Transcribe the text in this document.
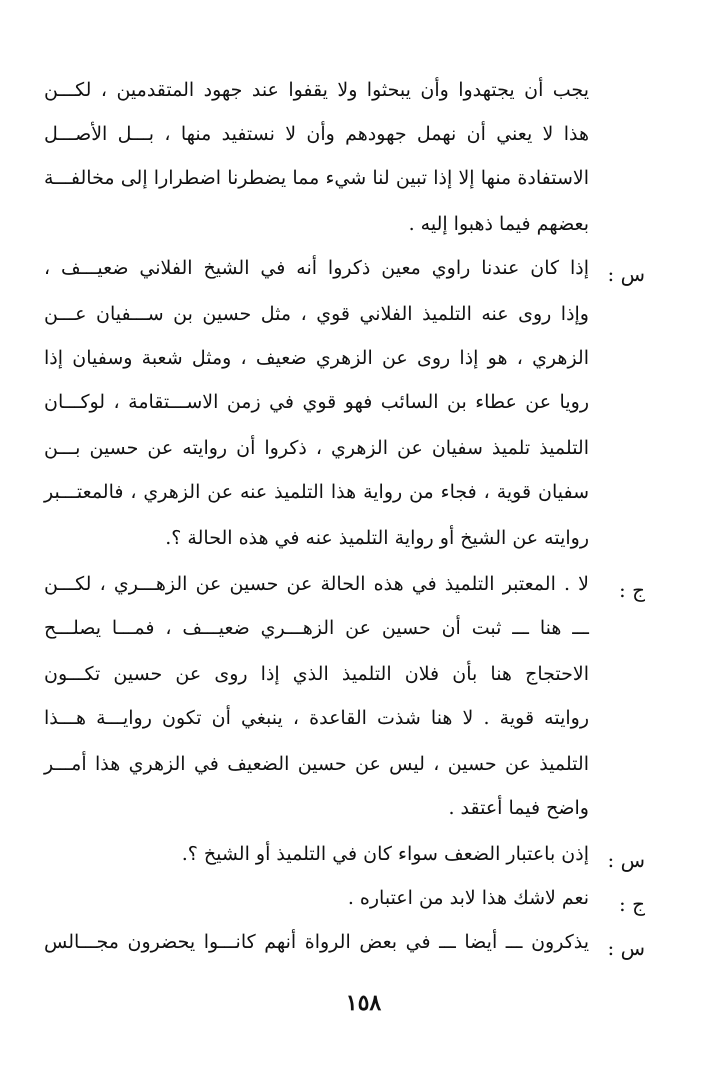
يجب أن يجتهدوا وأن يبحثوا ولا يقفوا عند جهود المتقدمين ، لكـــن
هذا لا يعني أن نهمل جهودهم وأن لا نستفيد منها ، بـــل الأصـــل
الاستفادة منها إلا إذا تبين لنا شيء مما يضطرنا اضطرارا إلى مخالفـــة
بعضهم فيما ذهبوا إليه .
س :
إذا كان عندنا راوي معين ذكروا أنه في الشيخ الفلاني ضعيـــف ،
وإذا روى عنه التلميذ الفلاني قوي ، مثل حسين بن ســـفيان عـــن
الزهري ، هو إذا روى عن الزهري ضعيف ، ومثل شعبة وسفيان إذا
رويا عن عطاء بن السائب فهو قوي في زمن الاســـتقامة ، لوكـــان
التلميذ تلميذ سفيان عن الزهري ، ذكروا أن روايته عن حسين بـــن
سفيان قوية ، فجاء من رواية هذا التلميذ عنه عن الزهري ، فالمعتـــبر
روايته عن الشيخ أو رواية التلميذ عنه في هذه الحالة ؟.
ج :
لا . المعتبر التلميذ في هذه الحالة عن حسين عن الزهـــري ، لكـــن
ـــ هنا ـــ ثبت أن حسين عن الزهـــري ضعيـــف ، فمـــا يصلـــح
الاحتجاج هنا بأن فلان التلميذ الذي إذا روى عن حسين تكـــون
روايته قوية . لا هنا شذت القاعدة ، ينبغي أن تكون روايـــة هـــذا
التلميذ عن حسين ، ليس عن حسين الضعيف في الزهري هذا أمـــر
واضح فيما أعتقد .
س :
إذن باعتبار الضعف سواء كان في التلميذ أو الشيخ ؟.
ج :
نعم لاشك هذا لابد من اعتباره .
س :
يذكرون ـــ أيضا ـــ في بعض الرواة أنهم كانـــوا يحضرون مجـــالس
١٥٨
